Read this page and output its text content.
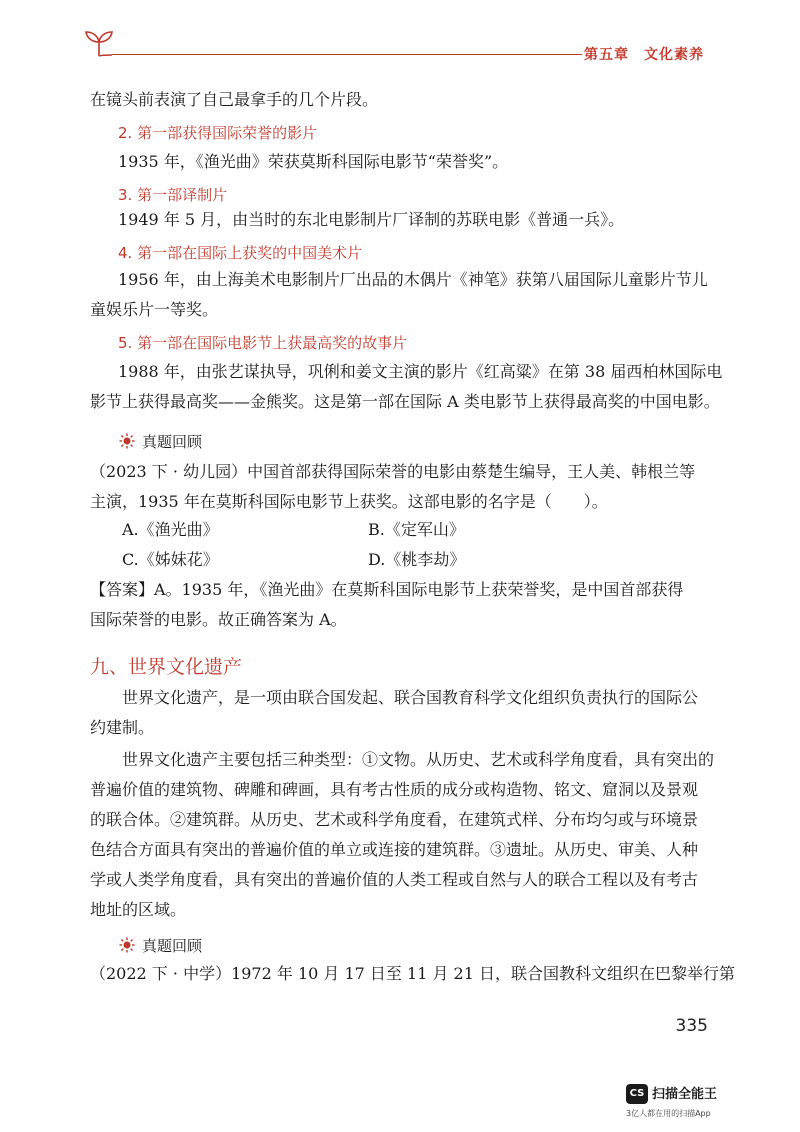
第五章　文化素养
在镜头前表演了自己最拿手的几个片段。
2. 第一部获得国际荣誉的影片
1935 年，《渔光曲》荣获莫斯科国际电影节“荣誉奖”。
3. 第一部译制片
1949 年 5 月，由当时的东北电影制片厂译制的苏联电影《普通一兵》。
4. 第一部在国际上获奖的中国美术片
1956 年，由上海美术电影制片厂出品的木偶片《神笔》获第八届国际儿童影片节儿
童娱乐片一等奖。
5. 第一部在国际电影节上获最高奖的故事片
1988 年，由张艺谋执导，巩俐和姜文主演的影片《红高粱》在第 38 届西柏林国际电
影节上获得最高奖——金熊奖。这是第一部在国际 A 类电影节上获得最高奖的中国电影。
真题回顾
（2023 下 · 幼儿园）中国首部获得国际荣誉的电影由蔡楚生编导，王人美、韩根兰等
主演，1935 年在莫斯科国际电影节上获奖。这部电影的名字是（　　）。
A.《渔光曲》	B.《定军山》
C.《姊妹花》	D.《桃李劫》
【答案】A。1935 年，《渔光曲》在莫斯科国际电影节上获荣誉奖，是中国首部获得
国际荣誉的电影。故正确答案为 A。
九、世界文化遗产
世界文化遗产，是一项由联合国发起、联合国教育科学文化组织负责执行的国际公
约建制。
世界文化遗产主要包括三种类型：①文物。从历史、艺术或科学角度看，具有突出的
普遍价值的建筑物、碑雕和碑画，具有考古性质的成分或构造物、铭文、窟洞以及景观
的联合体。②建筑群。从历史、艺术或科学角度看，在建筑式样、分布均匀或与环境景
色结合方面具有突出的普遍价值的单立或连接的建筑群。③遗址。从历史、审美、人种
学或人类学角度看，具有突出的普遍价值的人类工程或自然与人的联合工程以及有考古
地址的区域。
真题回顾
（2022 下 · 中学）1972 年 10 月 17 日至 11 月 21 日，联合国教科文组织在巴黎举行第
335
CS 扫描全能王
3亿人都在用的扫描App
